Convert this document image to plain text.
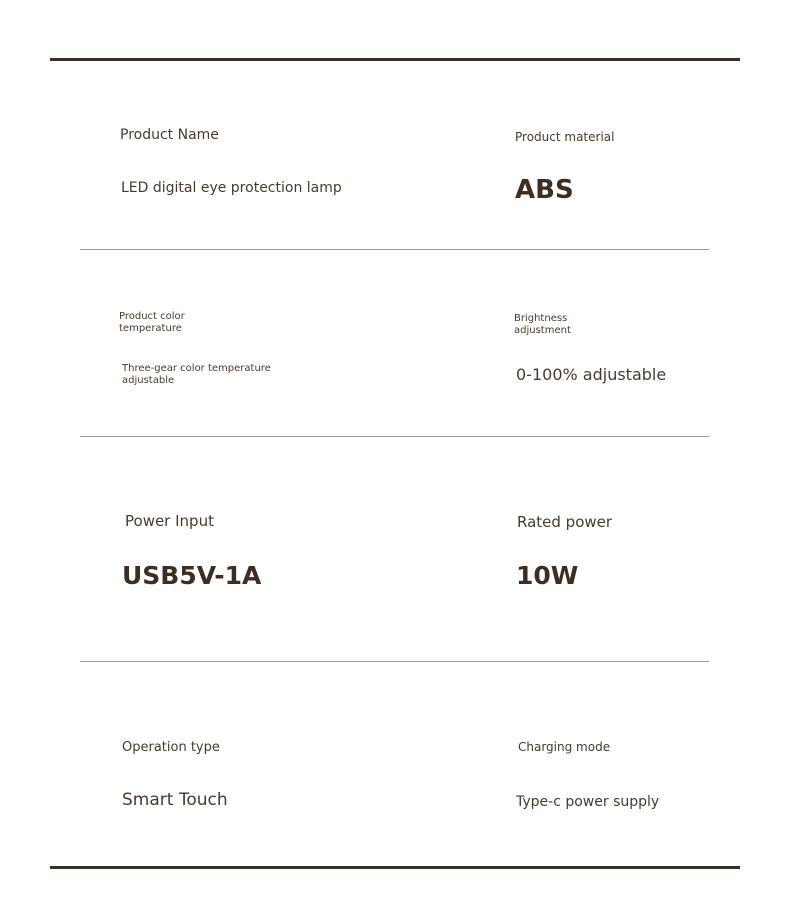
Product Name
LED digital eye protection lamp
Product material
ABS
Product color temperature
Three-gear color temperature adjustable
Brightness adjustment
0-100% adjustable
Power Input
USB5V-1A
Rated power
10W
Operation type
Smart Touch
Charging mode
Type-c power supply
